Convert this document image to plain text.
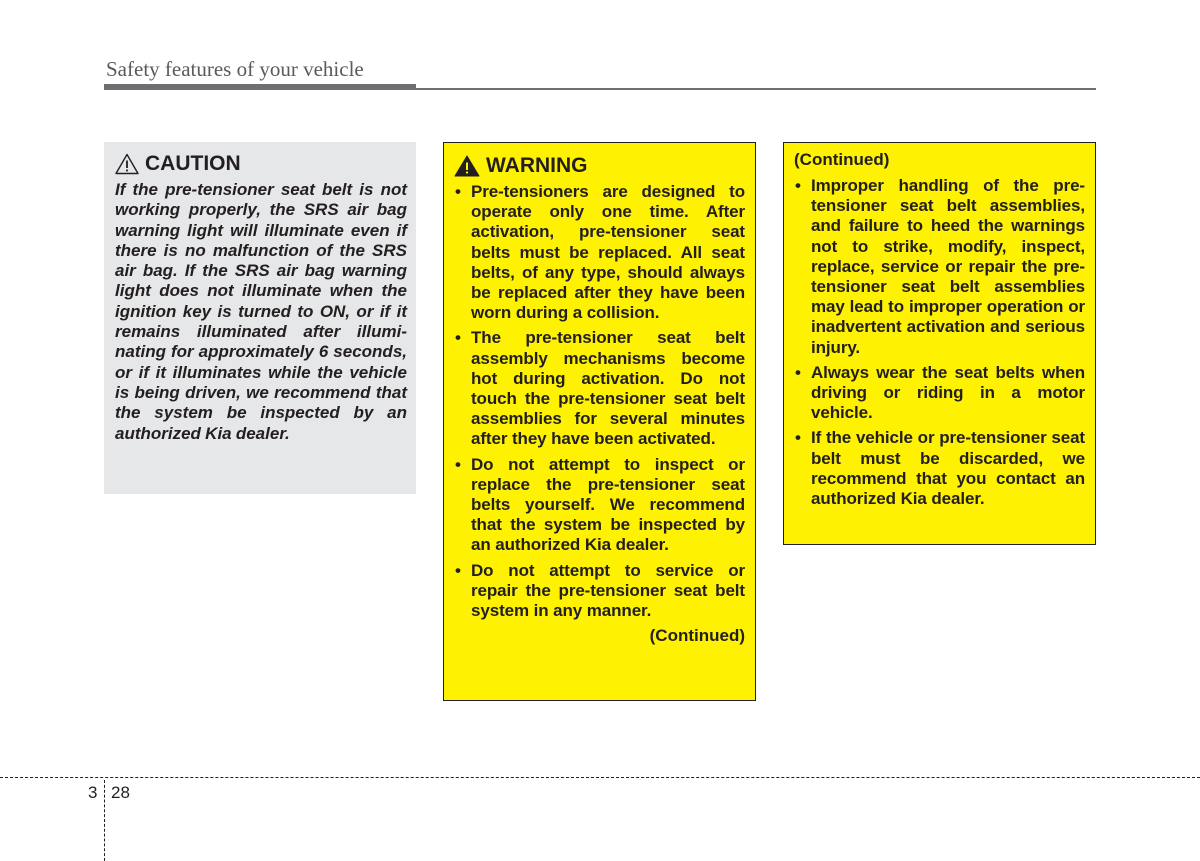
Safety features of your vehicle
CAUTION

If the pre-tensioner seat belt is not working properly, the SRS air bag warning light will illuminate even if there is no malfunction of the SRS air bag. If the SRS air bag warning light does not illuminate when the ignition key is turned to ON, or if it remains illuminated after illuminating for approximately 6 seconds, or if it illuminates while the vehicle is being driven, we recommend that the system be inspected by an authorized Kia dealer.

WARNING
• Pre-tensioners are designed to operate only one time. After activation, pre-tensioner seat belts must be replaced. All seat belts, of any type, should always be replaced after they have been worn during a collision.
• The pre-tensioner seat belt assembly mechanisms become hot during activation. Do not touch the pre-tensioner seat belt assemblies for several minutes after they have been activated.
• Do not attempt to inspect or replace the pre-tensioner seat belts yourself. We recommend that the system be inspected by an authorized Kia dealer.
• Do not attempt to service or repair the pre-tensioner seat belt system in any manner.
(Continued)
(Continued)
• Improper handling of the pre-tensioner seat belt assemblies, and failure to heed the warnings not to strike, modify, inspect, replace, service or repair the pre-tensioner seat belt assemblies may lead to improper operation or inadvertent activation and serious injury.
• Always wear the seat belts when driving or riding in a motor vehicle.
• If the vehicle or pre-tensioner seat belt must be discarded, we recommend that you contact an authorized Kia dealer.
3 28
